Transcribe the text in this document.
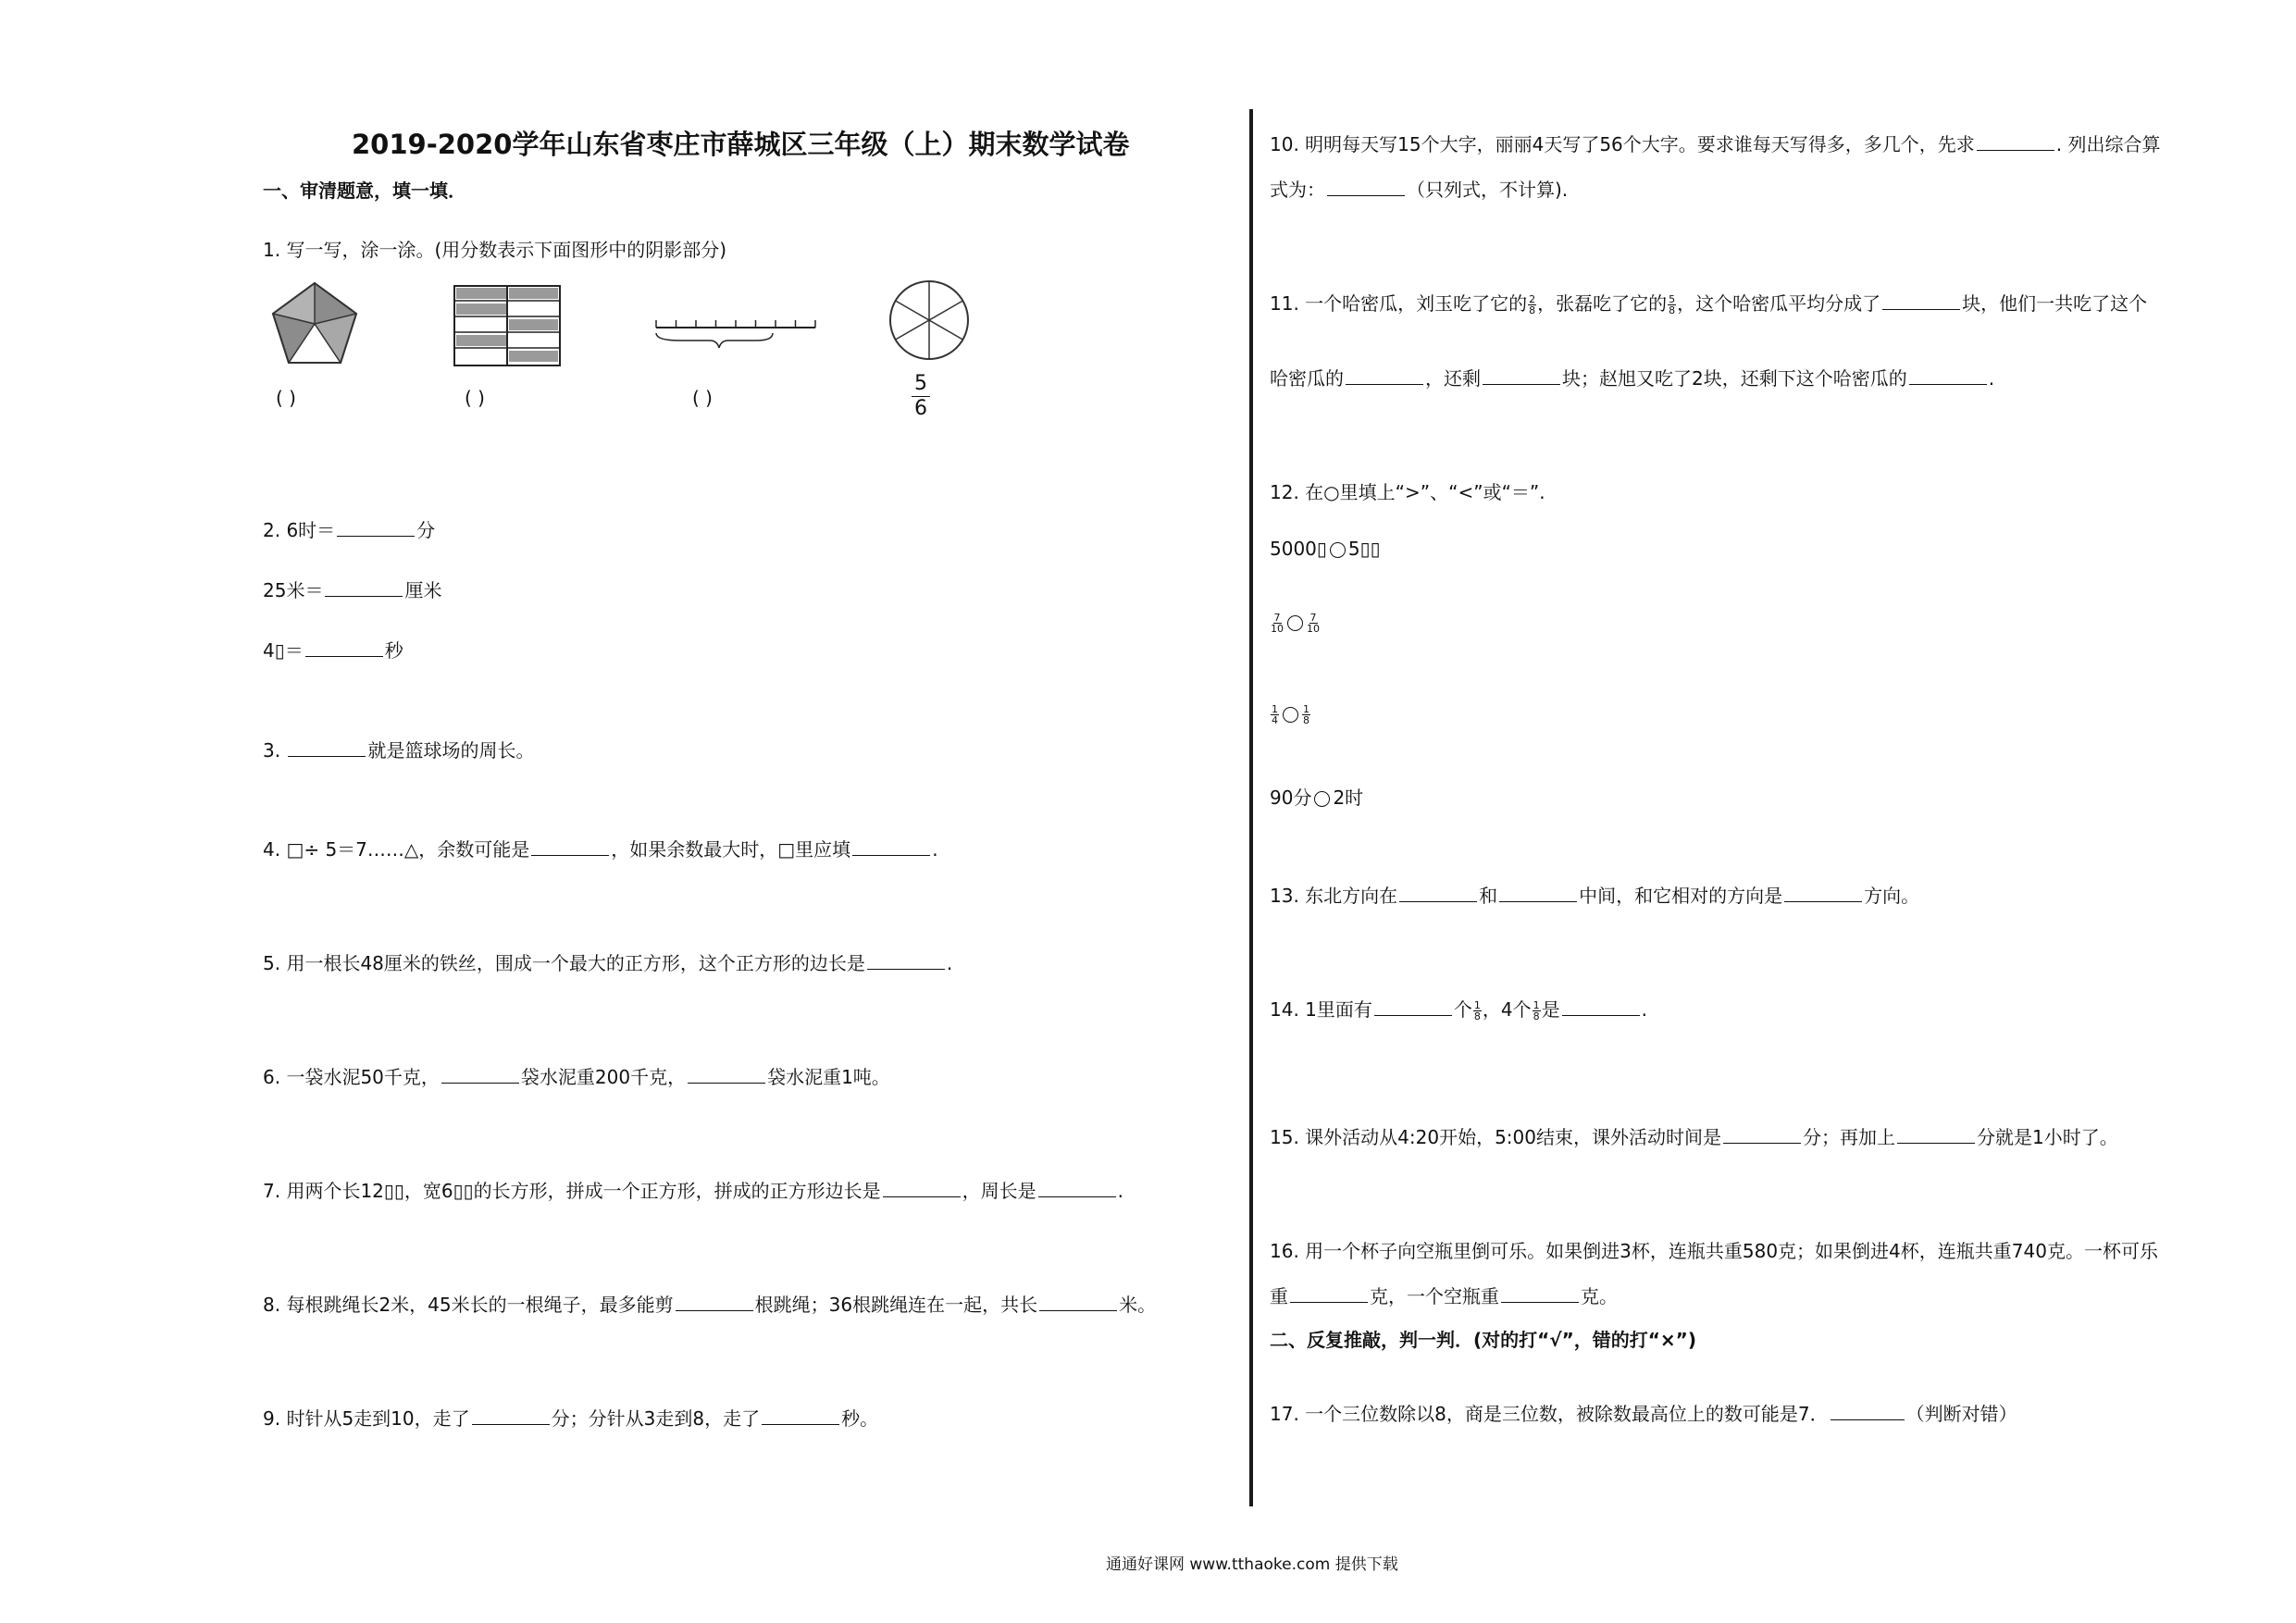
2019-2020学年山东省枣庄市薛城区三年级（上）期末数学试卷
一、审清题意，填一填．
1. 写一写，涂一涂。(用分数表示下面图形中的阴影部分)
( )	( )	( )	$\frac{5}{6}$
2. 6时＝	分
25米＝	厘米
4▯＝	秒
3.	就是篮球场的周长。
4. □÷ 5＝7……△，余数可能是	，如果余数最大时，□里应填	.
5. 用一根长48厘米的铁丝，围成一个最大的正方形，这个正方形的边长是	.
6. 一袋水泥50千克，	袋水泥重200千克，	袋水泥重1吨。
7. 用两个长12▯▯，宽6▯▯的长方形，拼成一个正方形，拼成的正方形边长是	，周长是	.
8. 每根跳绳长2米，45米长的一根绳子，最多能剪	根跳绳；36根跳绳连在一起，共长	米。
9. 时针从5走到10，走了	分；分针从3走到8，走了	秒。
10. 明明每天写15个大字，丽丽4天写了56个大字。要求谁每天写得多，多几个，先求	. 列出综合算
式为：	（只列式，不计算).
11. 一个哈密瓜，刘玉吃了它的 $\frac{2}{8}$ ，张磊吃了它的 $\frac{5}{8}$ ，这个哈密瓜平均分成了	块，他们一共吃了这个
哈密瓜的	，还剩	块；赵旭又吃了2块，还剩下这个哈密瓜的	.
12. 在○里填上“>”、“<”或“＝”.
5000▯ 5▯▯
$\frac{7}{10} \frac{7}{10}$
$\frac{1}{4} \frac{1}{8}$
90分 2时
13. 东北方向在	和	中间，和它相对的方向是	方向。
14. 1里面有	个 $\frac{1}{8}$ ，4个 $\frac{1}{8}$ 是	.
15. 课外活动从4:20开始，5:00结束，课外活动时间是	分；再加上	分就是1小时了。
16. 用一个杯子向空瓶里倒可乐。如果倒进3杯，连瓶共重580克；如果倒进4杯，连瓶共重740克。一杯可乐
重	克，一个空瓶重	克。
二、反复推敲，判一判．(对的打“√”，错的打“×”)
17. 一个三位数除以8，商是三位数，被除数最高位上的数可能是7．	（判断对错）
通通好课网 www.tthaoke.com 提供下载
